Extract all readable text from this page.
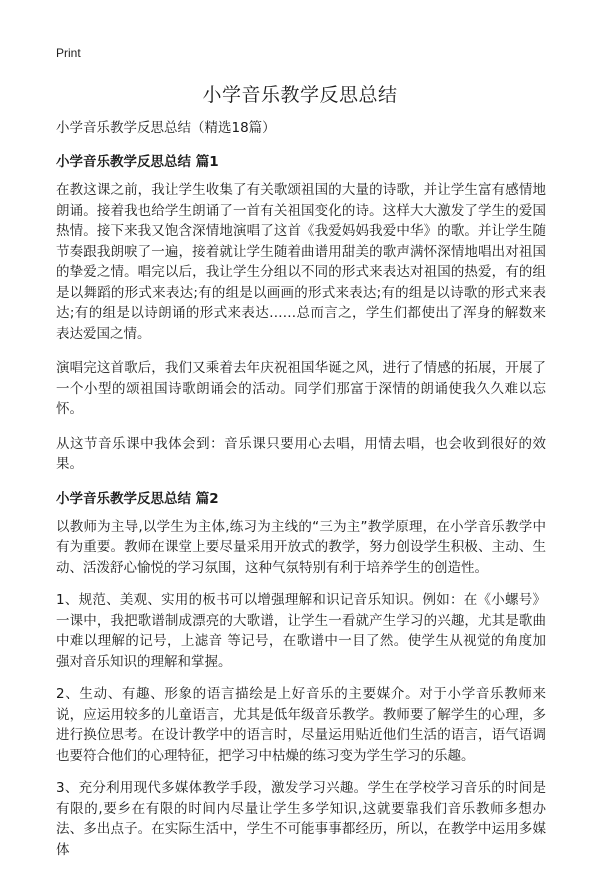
Print
小学音乐教学反思总结

小学音乐教学反思总结（精选18篇）

小学音乐教学反思总结 篇1

在教这课之前，我让学生收集了有关歌颂祖国的大量的诗歌，并让学生富有感情地朗诵。接着我也给学生朗诵了一首有关祖国变化的诗。这样大大激发了学生的爱国热情。接下来我又饱含深情地演唱了这首《我爱妈妈我爱中华》的歌。并让学生随节奏跟我朗唳了一遍，接着就让学生随着曲谱用甜美的歌声满怀深情地唱出对祖国的挚爱之情。唱完以后，我让学生分组以不同的形式来表达对祖国的热爱，有的组是以舞蹈的形式来表达;有的组是以画画的形式来表达;有的组是以诗歌的形式来表达;有的组是以诗朗诵的形式来表达……总而言之，学生们都使出了浑身的解数来表达爱国之情。

演唱完这首歌后，我们又乘着去年庆祝祖国华诞之风，进行了情感的拓展，开展了一个小型的颂祖国诗歌朗诵会的活动。同学们那富于深情的朗诵使我久久难以忘怀。

从这节音乐课中我体会到：音乐课只要用心去唱，用情去唱，也会收到很好的效果。

小学音乐教学反思总结 篇2

以教师为主导,以学生为主体,练习为主线的“三为主”教学原理，在小学音乐教学中有为重要。教师在课堂上要尽量采用开放式的教学，努力创设学生积极、主动、生动、活泼舒心愉悦的学习氛围，这种气氛特别有利于培养学生的创造性。

1、规范、美观、实用的板书可以增强理解和识记音乐知识。例如：在《小螺号》一课中，我把歌谱制成漂亮的大歌谱，让学生一看就产生学习的兴趣，尤其是歌曲中难以理解的记号，上滤音 等记号，在歌谱中一目了然。使学生从视觉的角度加强对音乐知识的理解和掌握。

2、生动、有趣、形象的语言描绘是上好音乐的主要媒介。对于小学音乐教师来说，应运用较多的儿童语言，尤其是低年级音乐教学。教师要了解学生的心理，多进行换位思考。在设计教学中的语言时，尽量运用贴近他们生活的语言，语气语调也要符合他们的心理特征，把学习中枯燥的练习变为学生学习的乐趣。

3、充分利用现代多媒体教学手段，激发学习兴趣。学生在学校学习音乐的时间是有限的,要乡在有限的时间内尽量让学生多学知识,这就要靠我们音乐教师多想办法、多出点子。在实际生活中，学生不可能事事都经历，所以，在教学中运用多媒体
